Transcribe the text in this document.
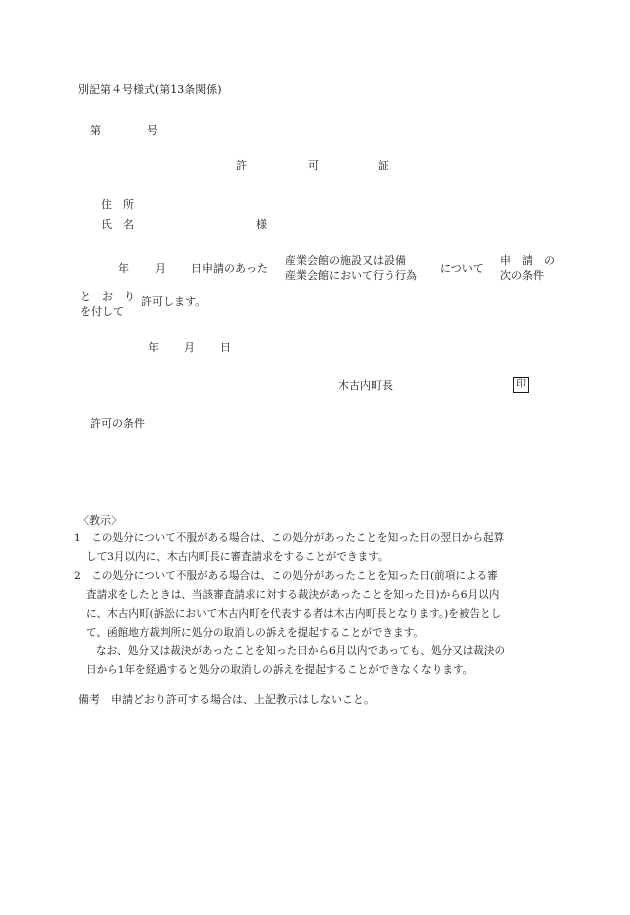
別記第４号様式(第13条関係)
第	号
許	可	証
住　所
氏　名	様
年 月 日申請のあった
産業会館の施設又は設備
産業会館において行う行為
について
申　請　の
次の条件
と　お　り
を付して
許可します。
年 月 日
木古内町長	印
許可の条件
〈教示〉
1　この処分について不服がある場合は、この処分があったことを知った日の翌日から起算
して3月以内に、木古内町長に審査請求をすることができます。
2　この処分について不服がある場合は、この処分があったことを知った日(前項による審
査請求をしたときは、当該審査請求に対する裁決があったことを知った日)から6月以内
に、木古内町(訴訟において木古内町を代表する者は木古内町長となります。)を被告とし
て、函館地方裁判所に処分の取消しの訴えを提起することができます。
なお、処分又は裁決があったことを知った日から6月以内であっても、処分又は裁決の
日から1年を経過すると処分の取消しの訴えを提起することができなくなります。
備考　申請どおり許可する場合は、上記教示はしないこと。
